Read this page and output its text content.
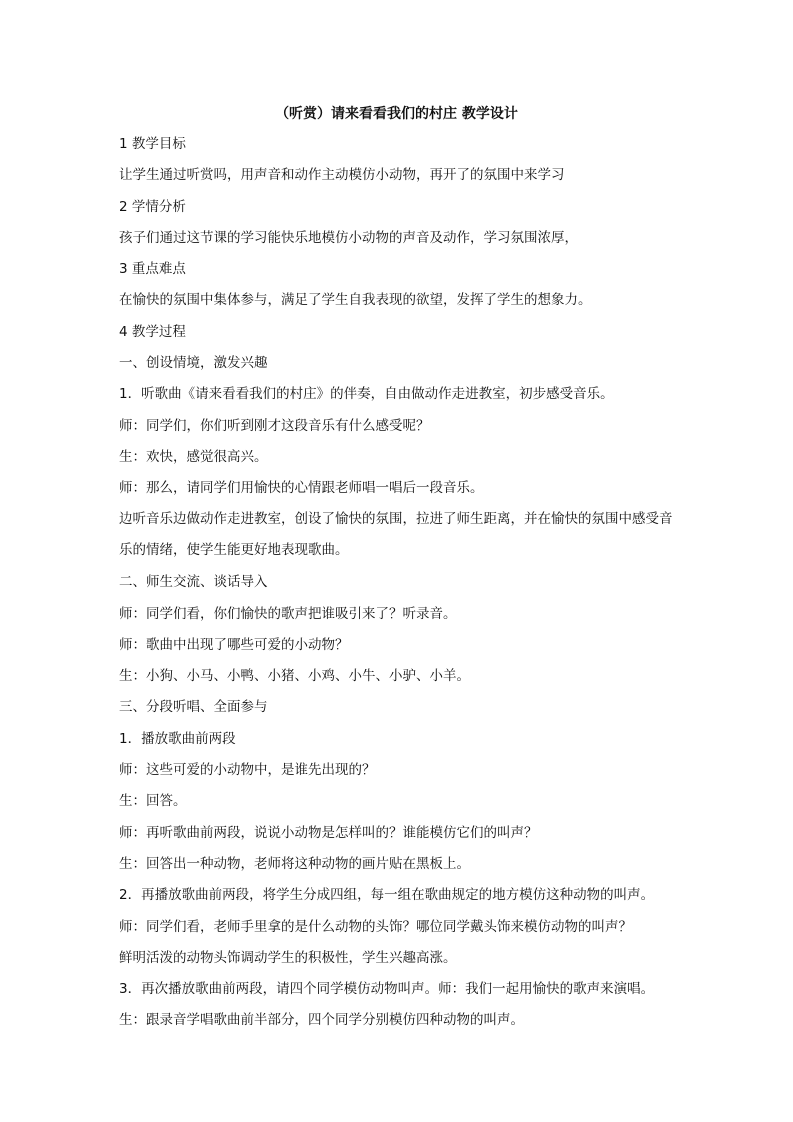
（听赏）请来看看我们的村庄 教学设计

1 教学目标

让学生通过听赏吗，用声音和动作主动模仿小动物，再开了的氛围中来学习

2 学情分析

孩子们通过这节课的学习能快乐地模仿小动物的声音及动作，学习氛围浓厚，

3 重点难点

在愉快的氛围中集体参与，满足了学生自我表现的欲望，发挥了学生的想象力。

4 教学过程

一、创设情境，激发兴趣

1．听歌曲《请来看看我们的村庄》的伴奏，自由做动作走进教室，初步感受音乐。

师：同学们，你们听到刚才这段音乐有什么感受呢？

生：欢快，感觉很高兴。

师：那么，请同学们用愉快的心情跟老师唱一唱后一段音乐。

边听音乐边做动作走进教室，创设了愉快的氛围，拉进了师生距离，并在愉快的氛围中感受音乐的情绪，使学生能更好地表现歌曲。

二、师生交流、谈话导入

师：同学们看，你们愉快的歌声把谁吸引来了？听录音。

师：歌曲中出现了哪些可爱的小动物？

生：小狗、小马、小鸭、小猪、小鸡、小牛、小驴、小羊。

三、分段听唱、全面参与

1．播放歌曲前两段

师：这些可爱的小动物中，是谁先出现的？

生：回答。

师：再听歌曲前两段，说说小动物是怎样叫的？谁能模仿它们的叫声？

生：回答出一种动物，老师将这种动物的画片贴在黑板上。

2．再播放歌曲前两段，将学生分成四组，每一组在歌曲规定的地方模仿这种动物的叫声。

师：同学们看，老师手里拿的是什么动物的头饰？哪位同学戴头饰来模仿动物的叫声？

鲜明活泼的动物头饰调动学生的积极性，学生兴趣高涨。

3．再次播放歌曲前两段，请四个同学模仿动物叫声。师：我们一起用愉快的歌声来演唱。

生：跟录音学唱歌曲前半部分，四个同学分别模仿四种动物的叫声。
